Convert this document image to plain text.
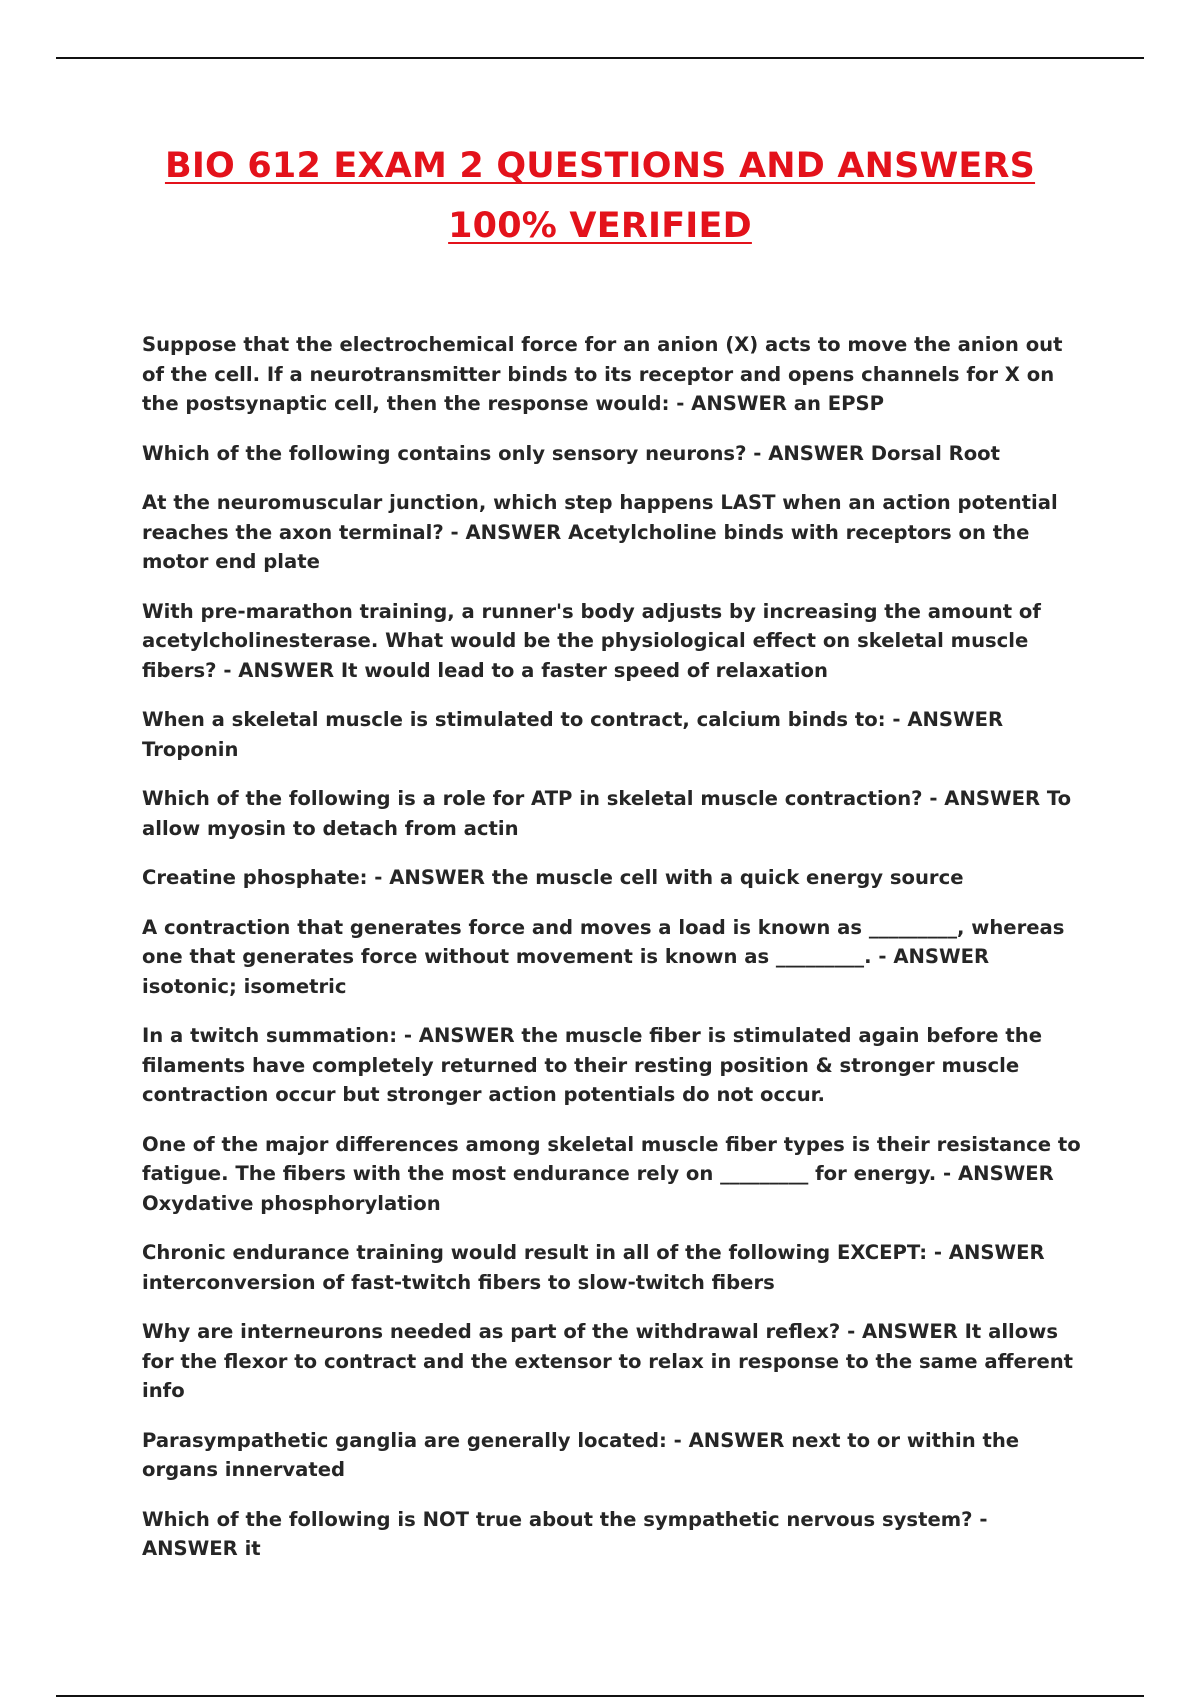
BIO 612 EXAM 2 QUESTIONS AND ANSWERS
100% VERIFIED

Suppose that the electrochemical force for an anion (X) acts to move the anion out of the cell. If a neurotransmitter binds to its receptor and opens channels for X on the postsynaptic cell, then the response would: - ANSWER an EPSP

Which of the following contains only sensory neurons? - ANSWER Dorsal Root

At the neuromuscular junction, which step happens LAST when an action potential reaches the axon terminal? - ANSWER Acetylcholine binds with receptors on the motor end plate

With pre-marathon training, a runner's body adjusts by increasing the amount of acetylcholinesterase. What would be the physiological effect on skeletal muscle fibers? - ANSWER It would lead to a faster speed of relaxation

When a skeletal muscle is stimulated to contract, calcium binds to: - ANSWER Troponin

Which of the following is a role for ATP in skeletal muscle contraction? - ANSWER To allow myosin to detach from actin

Creatine phosphate: - ANSWER the muscle cell with a quick energy source

A contraction that generates force and moves a load is known as _________, whereas one that generates force without movement is known as _________. - ANSWER isotonic; isometric

In a twitch summation: - ANSWER the muscle fiber is stimulated again before the filaments have completely returned to their resting position & stronger muscle contraction occur but stronger action potentials do not occur.

One of the major differences among skeletal muscle fiber types is their resistance to fatigue. The fibers with the most endurance rely on _________ for energy. - ANSWER Oxydative phosphorylation

Chronic endurance training would result in all of the following EXCEPT: - ANSWER interconversion of fast-twitch fibers to slow-twitch fibers

Why are interneurons needed as part of the withdrawal reflex? - ANSWER It allows for the flexor to contract and the extensor to relax in response to the same afferent info

Parasympathetic ganglia are generally located: - ANSWER next to or within the organs innervated

Which of the following is NOT true about the sympathetic nervous system? - ANSWER it
